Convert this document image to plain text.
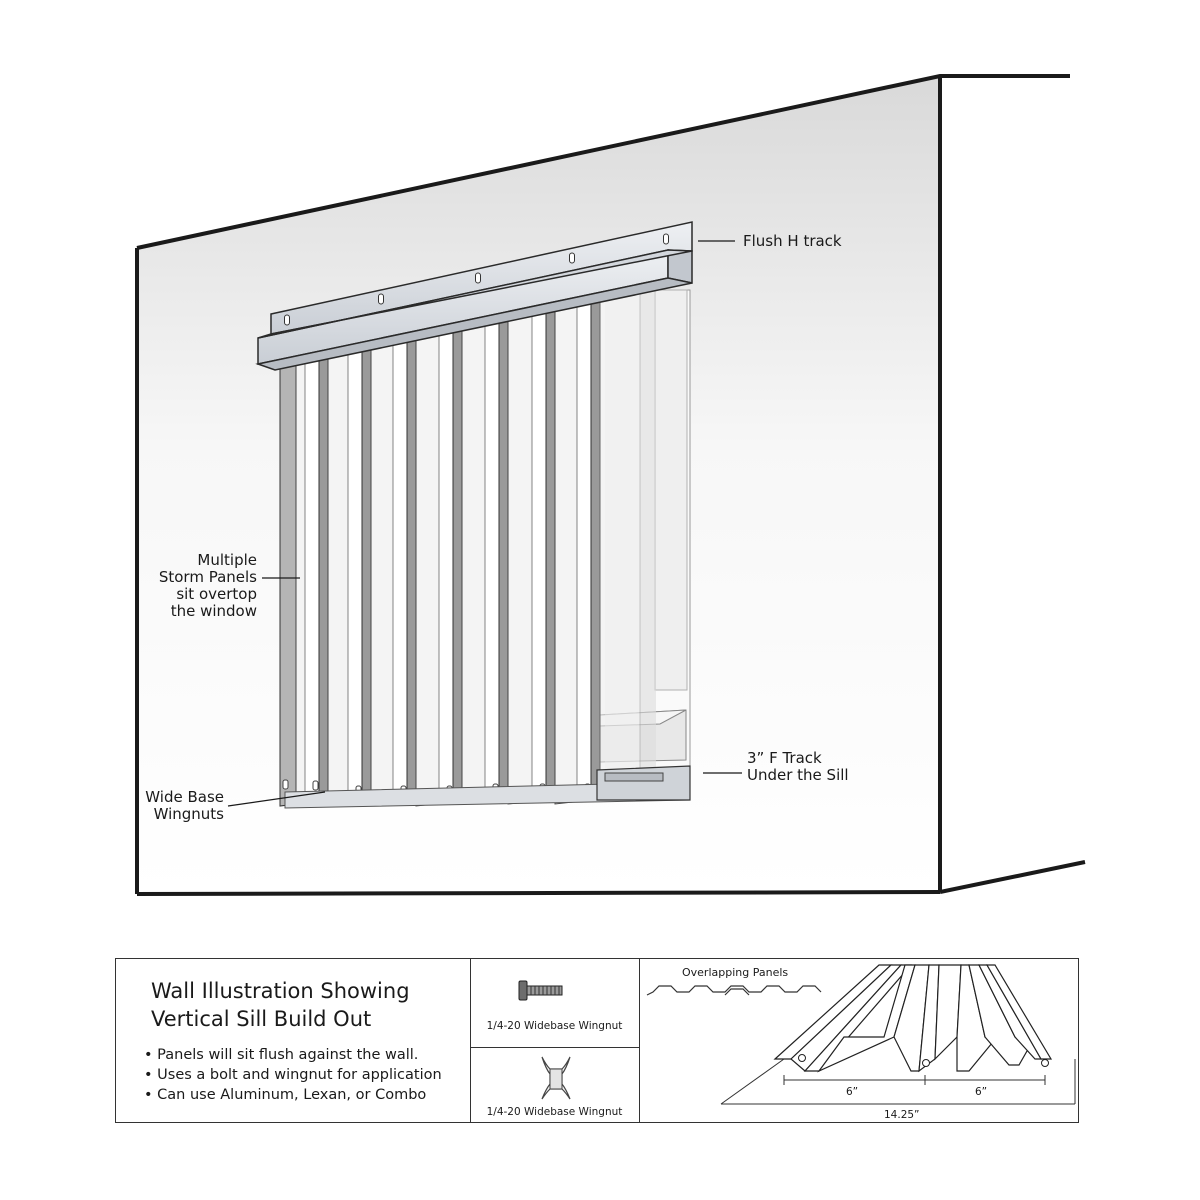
Flush H track
Multiple
Storm Panels
sit overtop
the window
3” F Track
Under the Sill
Wide Base
Wingnuts
Wall Illustration Showing
Vertical Sill Build Out
• Panels will sit flush against the wall.
• Uses a bolt and wingnut for application
• Can use Aluminum, Lexan, or Combo
1/4-20 Widebase Wingnut
1/4-20 Widebase Wingnut
Overlapping Panels
6”	6”
14.25”
